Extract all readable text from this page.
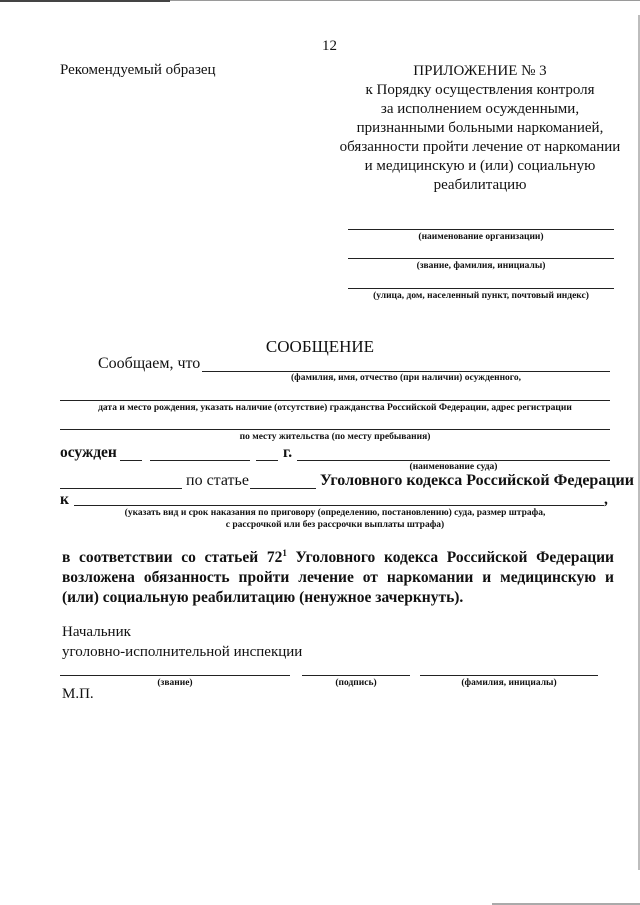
12
Рекомендуемый образец	ПРИЛОЖЕНИЕ № 3
к Порядку осуществления контроля
за исполнением осужденными,
признанными больными наркоманией,
обязанности пройти лечение от наркомании
и медицинскую и (или) социальную
реабилитацию
(наименование организации)
(звание, фамилия, инициалы)
(улица, дом, населенный пункт, почтовый индекс)
СООБЩЕНИЕ
Сообщаем, что
(фамилия, имя, отчество (при наличии) осужденного,
дата и место рождения, указать наличие (отсутствие) гражданства Российской Федерации, адрес регистрации
по месту жительства (по месту пребывания)
осужден	г.
(наименование суда)
по статье	Уголовного кодекса Российской Федерации
к	,
(указать вид и срок наказания по приговору (определению, постановлению) суда, размер штрафа,
с рассрочкой или без рассрочки выплаты штрафа)
в соответствии со статьей $72^1$ Уголовного кодекса Российской Федерации возложена обязанность пройти лечение от наркомании и медицинскую и (или) социальную реабилитацию (ненужное зачеркнуть).
Начальник
уголовно-исполнительной инспекции
(звание)	(подпись)	(фамилия, инициалы)
М.П.
